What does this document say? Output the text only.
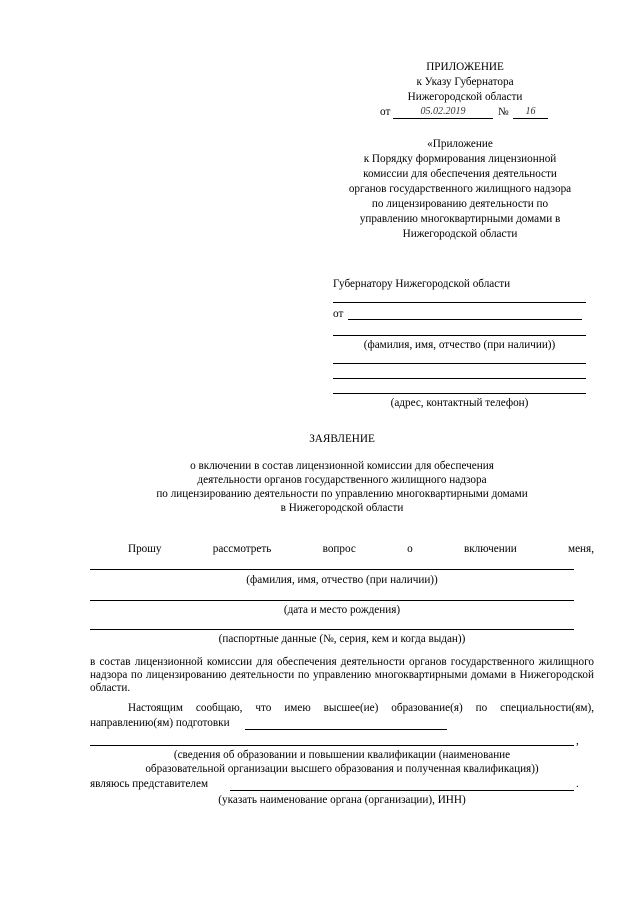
ПРИЛОЖЕНИЕ
к Указу Губернатора
Нижегородской области
от	05.02.2019	№	16
«Приложение
к Порядку формирования лицензионной
комиссии для обеспечения деятельности
органов государственного жилищного надзора
по лицензированию деятельности по
управлению многоквартирными домами в
Нижегородской области
Губернатору Нижегородской области
от
(фамилия, имя, отчество (при наличии))
(адрес, контактный телефон)
ЗАЯВЛЕНИЕ
о включении в состав лицензионной комиссии для обеспечения
деятельности органов государственного жилищного надзора
по лицензированию деятельности по управлению многоквартирными домами
в Нижегородской области
Прошу	рассмотреть	вопрос	о	включении	меня,
(фамилия, имя, отчество (при наличии))
(дата и место рождения)
(паспортные данные (№, серия, кем и когда выдан))
в состав лицензионной комиссии для обеспечения деятельности органов государственного жилищного надзора по лицензированию деятельности по управлению многоквартирными домами в Нижегородской области.
Настоящим сообщаю, что имею высшее(ие) образование(я) по специальности(ям),
направлению(ям) подготовки
,
(сведения об образовании и повышении квалификации (наименование
образовательной организации высшего образования и полученная квалификация))
являюсь представителем	.
(указать наименование органа (организации), ИНН)
